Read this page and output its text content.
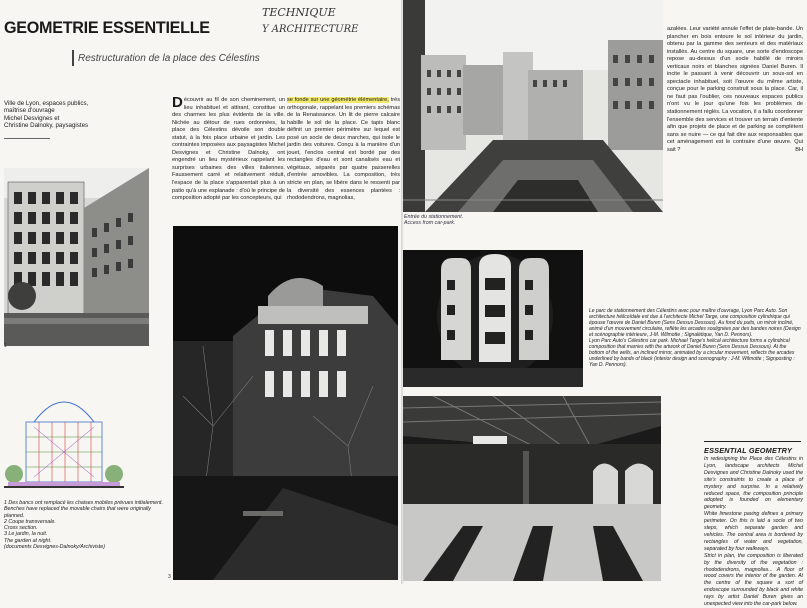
GEOMETRIE ESSENTIELLE
TECHNIQUE
Y ARCHITECTURE
Restructuration de la place des Célestins
Ville de Lyon, espaces publics,
maîtrise d'ouvrage
Michel Desvignes et
Christine Dalnoky, paysagistes
Découvrir au fil de son cheminement, un lieu inhabituel et attirant, constitue un des charmes les plus évidents de la ville. Nichée au détour de rues ordonnées, la place des Célestins dévoile son double statut, à la fois place urbaine et jardin. Les contraintes imposées aux paysagistes Michel Desvignes et Christine Dalnoky, ont engendré un lieu mystérieux rappelant les surprises urbaines des villes italiennes. Faussement carré et relativement réduit, l'espace de la place s'apparentait plus à un patio qu'à une esplanade : d'où le principe de composition adopté par les concepteurs, qui
se fonde sur une géométrie élémentaire, très orthogonale, rappelant les premiers schémas de la Renaissance. Un lit de pierre calcaire habille le sol de la place. Ce tapis blanc définit un premier périmètre sur lequel est posé un socle de deux marches, qui isole le jardin des voitures. Conçu à la manière d'un jouet, l'enclos central est bordé par des rectangles d'eau et sont canalisés eau et végétaux, séparés par quatre passerelles d'entrée amovibles. La composition, très stricte en plan, se libère dans le ressenti par la diversité des essences plantées : rhododendrons, magnolias,
1
1 Des bancs ont remplacé les chaises mobiles prévues initialement.
Benches have replaced the movable chairs that were originally planned.
2 Coupe transversale.
Cross section.
3 Le jardin, la nuit.
The garden at night.
(documents Desvignes-Dalnoky/Archiviste)
3
Entrée du stationnement.
Access from car-park.
azalées. Leur variété annule l'effet de plate-bande. Un plancher en bois entoure le sol intérieur du jardin, obtenu par la gamme des senteurs et des matériaux installés. Au centre du square, une sorte d'endoscope repose au-dessus d'un socle habillé de miroirs verticaux noirs et blanches signées Daniel Buren. Il incite le passant à venir découvrir un sous-sol en spectacle inhabituel, soit l'œuvre du même artiste, conçue pour le parking construit sous la place. Car, il ne faut pas l'oublier, ces nouveaux espaces publics n'ont vu le jour qu'une fois les problèmes de stationnement réglés. La vocation, il a fallu coordonner l'ensemble des services et trouver un terrain d'entente afin que projets de place et de parking se complètent sans se nuire — ce qui fait dire aux responsables que cet aménagement est le contraire d'une œuvre. Qui sait ?	BH
Le parc de stationnement des Célestins avec pour maître d'ouvrage, Lyon Parc Auto. Son architecture hélicoïdale est due à l'architecte Michel Targe, une composition cylindrique qui épouse l'œuvre de Daniel Buren (Sens Dessus Dessous). Au fond du puits, un miroir incliné, animé d'un mouvement circulaire, reflète les arcades soulignées par des bandes noires (Design et scénographie intérieure, J-M. Wilmotte ; Signalétique, Yan D. Pennors).
Lyon Parc Auto's Célestins car park. Michael Targe's helical architecture forms a cylindrical composition that marries with the artwork of Daniel Buren (Sens Dessus Dessous). At the bottom of the wells, an inclined mirror, animated by a circular movement, reflects the arcades underlined by bands of black (interior design and scenography : J-M. Wilmotte ; Signposting : Yan D. Pennors).
ESSENTIAL GEOMETRY
In redesigning the Place des Célestins in Lyon, landscape architects Michel Desvignes and Christine Dalnoky used the site's constraints to create a place of mystery and surprise. In a relatively reduced space, the composition principle adopted is founded on elementary geometry.
White limestone paving defines a primary perimeter. On this is laid a socle of two steps, which separate garden and vehicles. The central area is bordered by rectangles of water and vegetation, separated by four walkways.
Strict in plan, the composition is liberated by the diversity of the vegetation : rhododendrons, magnolias... A floor of wood covers the interior of the garden. At the centre of the square a sort of endoscope surrounded by black and white rays by artist Daniel Buren gives an unexpected view into the car-park below.
